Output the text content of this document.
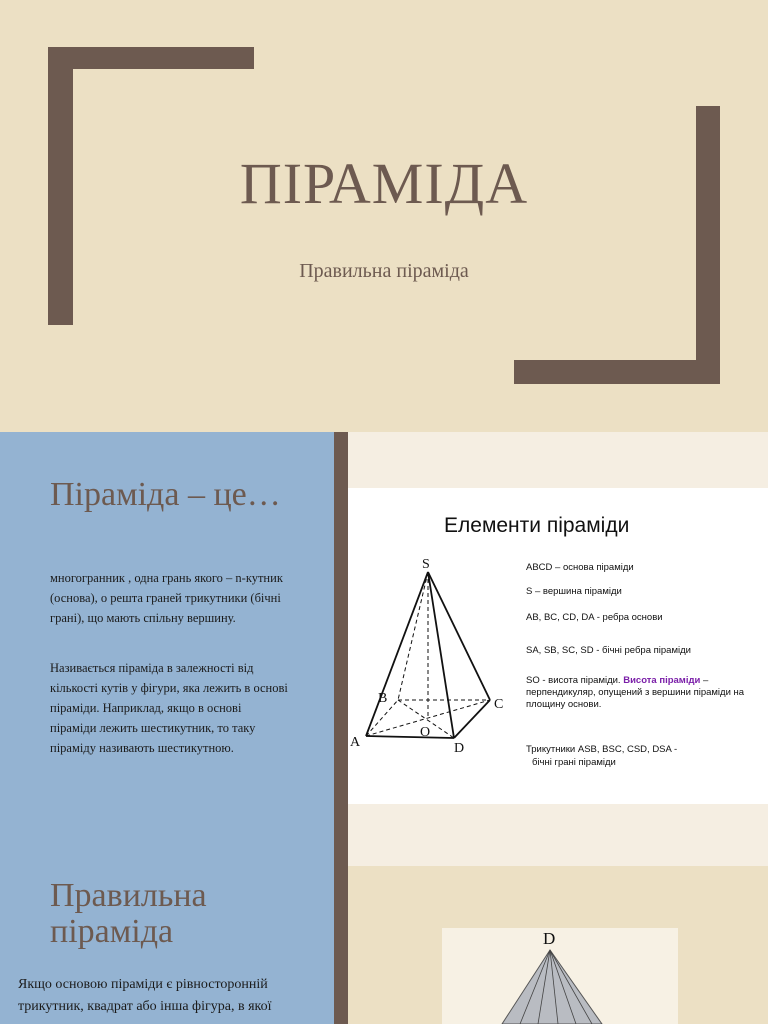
ПІРАМІДА
Правильна піраміда
Піраміда – це…
многогранник , одна грань якого – n-кутник (основа), о решта граней трикутники (бічні грані), що мають спільну вершину.
Називається піраміда в залежності від кількості кутів у фігури, яка лежить в основі піраміди. Наприклад, якщо в основі піраміди лежить шестикутник, то таку піраміду називають шестикутною.
Елементи піраміди
S
A
B	C
D
O
ABCD – основа піраміди
S – вершина піраміди
AB, BC, CD, DA - ребра основи
SA, SB, SC, SD - бічні ребра піраміди
SO - висота піраміди. Висота піраміди – перпендикуляр, опущений з вершини піраміди на площину основи.
Трикутники ASB, BSC, CSD, DSA -
бічні грані піраміди
Правильна піраміда
Якщо основою піраміди є рівносторонній трикутник, квадрат або інша фігура, в якої
D
